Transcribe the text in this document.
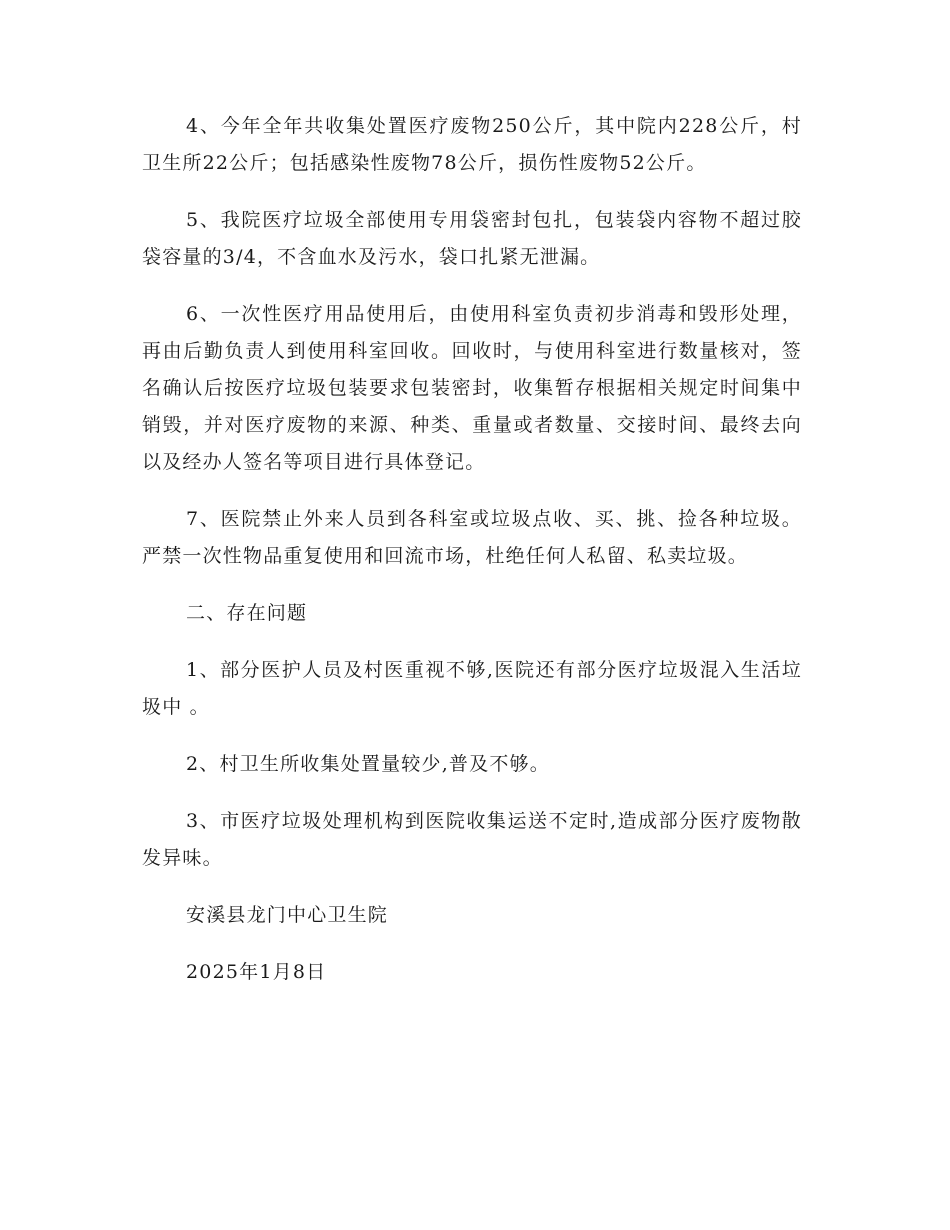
4、今年全年共收集处置医疗废物250公斤，其中院内228公斤，村卫生所22公斤；包括感染性废物78公斤，损伤性废物52公斤。

5、我院医疗垃圾全部使用专用袋密封包扎，包装袋内容物不超过胶袋容量的3/4，不含血水及污水，袋口扎紧无泄漏。

6、一次性医疗用品使用后，由使用科室负责初步消毒和毁形处理，再由后勤负责人到使用科室回收。回收时，与使用科室进行数量核对，签名确认后按医疗垃圾包装要求包装密封，收集暂存根据相关规定时间集中销毁，并对医疗废物的来源、种类、重量或者数量、交接时间、最终去向以及经办人签名等项目进行具体登记。

7、医院禁止外来人员到各科室或垃圾点收、买、挑、捡各种垃圾。严禁一次性物品重复使用和回流市场，杜绝任何人私留、私卖垃圾。

二、存在问题

1、部分医护人员及村医重视不够,医院还有部分医疗垃圾混入生活垃圾中 。

2、村卫生所收集处置量较少,普及不够。

3、市医疗垃圾处理机构到医院收集运送不定时,造成部分医疗废物散发异味。

安溪县龙门中心卫生院

2025年1月8日
